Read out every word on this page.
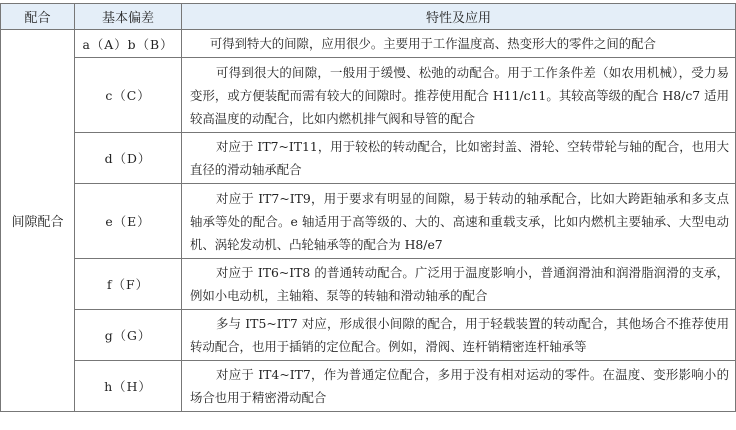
配合	基本偏差	特性及应用
间隙配合	a（A）b（B）	可得到特大的间隙，应用很少。主要用于工作温度高、热变形大的零件之间的配合
	c（C）	可得到很大的间隙，一般用于缓慢、松弛的动配合。用于工作条件差（如农用机械），受力易变形，或方便装配而需有较大的间隙时。推荐使用配合 H11/c11。其较高等级的配合 H8/c7 适用较高温度的动配合，比如内燃机排气阀和导管的配合
	d（D）	对应于 IT7~IT11，用于较松的转动配合，比如密封盖、滑轮、空转带轮与轴的配合，也用大直径的滑动轴承配合
	e（E）	对应于 IT7~IT9，用于要求有明显的间隙，易于转动的轴承配合，比如大跨距轴承和多支点轴承等处的配合。e 轴适用于高等级的、大的、高速和重载支承，比如内燃机主要轴承、大型电动机、涡轮发动机、凸轮轴承等的配合为 H8/e7
	f（F）	对应于 IT6~IT8 的普通转动配合。广泛用于温度影响小，普通润滑油和润滑脂润滑的支承，例如小电动机，主轴箱、泵等的转轴和滑动轴承的配合
	g（G）	多与 IT5~IT7 对应，形成很小间隙的配合，用于轻载装置的转动配合，其他场合不推荐使用转动配合，也用于插销的定位配合。例如，滑阀、连杆销精密连杆轴承等
	h（H）	对应于 IT4~IT7，作为普通定位配合，多用于没有相对运动的零件。在温度、变形影响小的场合也用于精密滑动配合
